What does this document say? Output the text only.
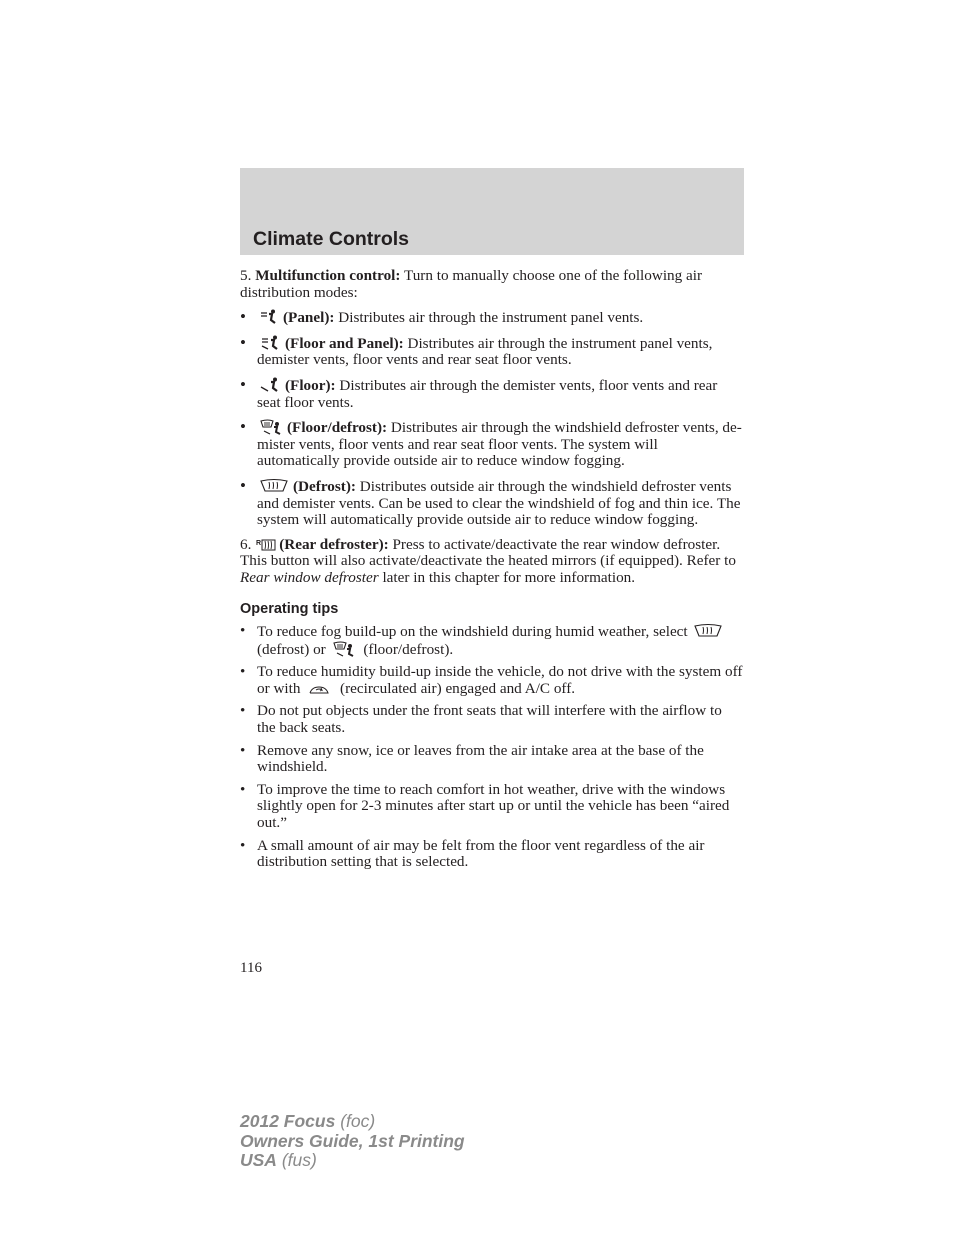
Climate Controls

5. Multifunction control: Turn to manually choose one of the following air distribution modes:

• (Panel): Distributes air through the instrument panel vents.
•	(Floor and Panel): Distributes air through the instrument panel vents, demister vents, floor vents and rear seat floor vents.
•	(Floor): Distributes air through the demister vents, floor vents and rear seat floor vents.
•	(Floor/defrost): Distributes air through the windshield defroster vents, de-mister vents, floor vents and rear seat floor vents. The system will automatically provide outside air to reduce window fogging.
•	(Defrost): Distributes outside air through the windshield defroster vents and demister vents. Can be used to clear the windshield of fog and thin ice. The system will automatically provide outside air to reduce window fogging.

6. R (Rear defroster): Press to activate/deactivate the rear window defroster. This button will also activate/deactivate the heated mirrors (if equipped). Refer to Rear window defroster later in this chapter for more information.

Operating tips
• To reduce fog build-up on the windshield during humid weather, select
(defrost) or
(floor/defrost).
• To reduce humidity build-up inside the vehicle, do not drive with the system off or with
(recirculated air) engaged and A/C off.
• Do not put objects under the front seats that will interfere with the airflow to the back seats.
• Remove any snow, ice or leaves from the air intake area at the base of the windshield.
• To improve the time to reach comfort in hot weather, drive with the windows slightly open for 2-3 minutes after start up or until the vehicle has been “aired out.”
• A small amount of air may be felt from the floor vent regardless of the air distribution setting that is selected.
116
2012 Focus (foc)
Owners Guide, 1st Printing
USA (fus)
